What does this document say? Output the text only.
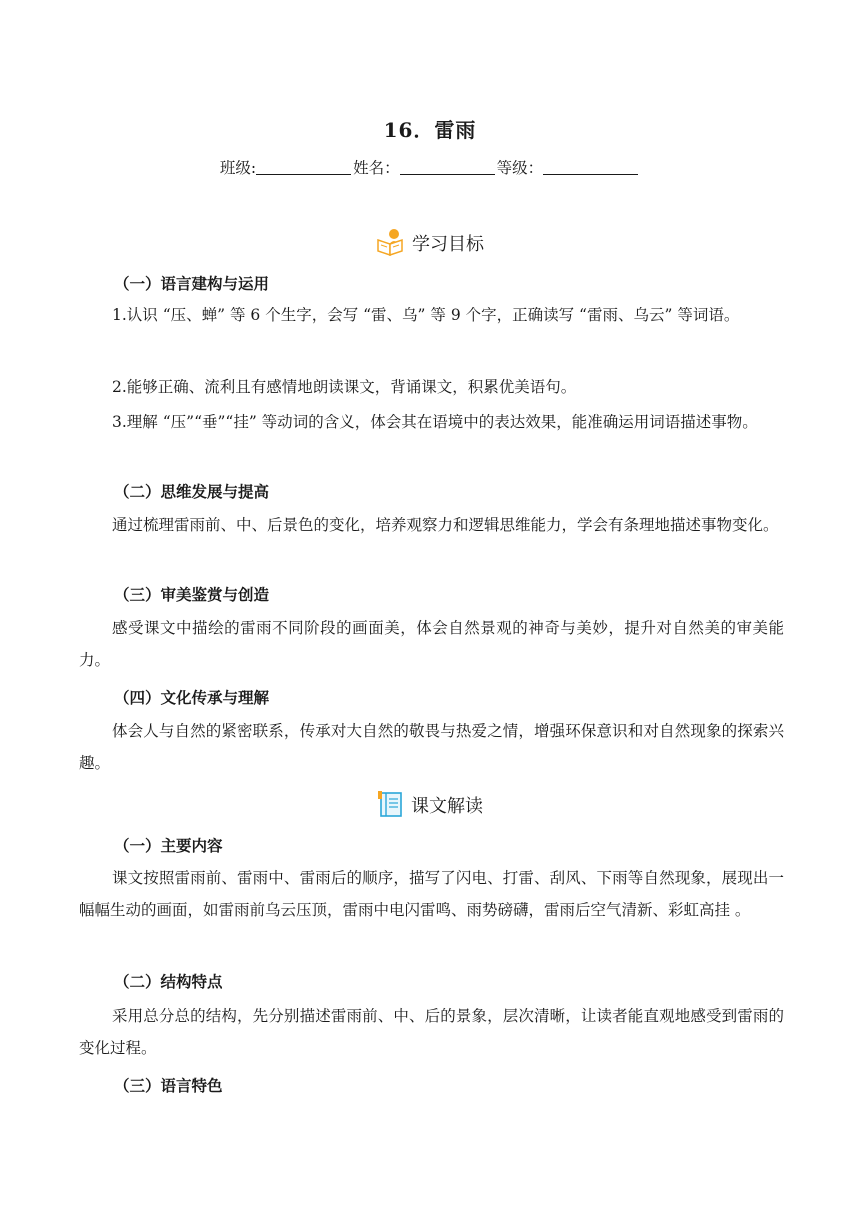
16．雷雨
班级:	姓名：	等级：
学习目标
（一）语言建构与运用
1.认识 “压、蝉” 等 6 个生字，会写 “雷、乌” 等 9 个字，正确读写 “雷雨、乌云” 等词语。
2.能够正确、流利且有感情地朗读课文，背诵课文，积累优美语句。
3.理解 “压”“垂”“挂” 等动词的含义，体会其在语境中的表达效果，能准确运用词语描述事物。
（二）思维发展与提高
通过梳理雷雨前、中、后景色的变化，培养观察力和逻辑思维能力，学会有条理地描述事物变化。
（三）审美鉴赏与创造
感受课文中描绘的雷雨不同阶段的画面美，体会自然景观的神奇与美妙，提升对自然美的审美能力。
（四）文化传承与理解
体会人与自然的紧密联系，传承对大自然的敬畏与热爱之情，增强环保意识和对自然现象的探索兴趣。
课文解读
（一）主要内容
课文按照雷雨前、雷雨中、雷雨后的顺序，描写了闪电、打雷、刮风、下雨等自然现象，展现出一幅幅生动的画面，如雷雨前乌云压顶，雷雨中电闪雷鸣、雨势磅礴，雷雨后空气清新、彩虹高挂 。
（二）结构特点
采用总分总的结构，先分别描述雷雨前、中、后的景象，层次清晰，让读者能直观地感受到雷雨的变化过程。
（三）语言特色
